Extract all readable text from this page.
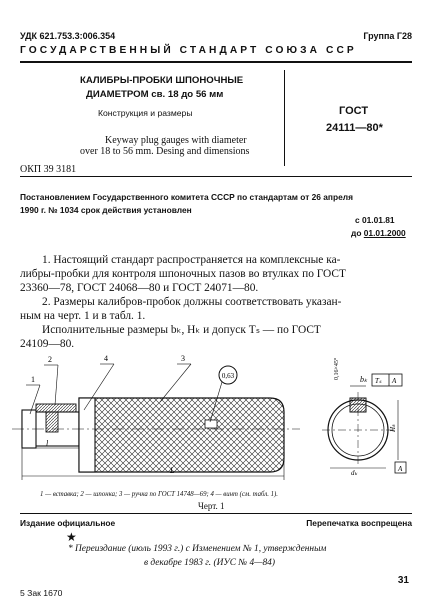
УДК 621.753.3:006.354	Группа Г28
ГОСУДАРСТВЕННЫЙ СТАНДАРТ СОЮЗА ССР
КАЛИБРЫ-ПРОБКИ ШПОНОЧНЫЕ
ДИАМЕТРОМ св. 18 до 56 мм
Конструкция и размеры
Keyway plug gauges with diameter
over 18 to 56 mm. Desing and dimensions
ГОСТ
24111—80*
ОКП 39 3181
Постановлением Государственного комитета СССР по стандартам от 26 апреля
1990 г. № 1034 срок действия установлен
с 01.01.81
до 01.01.2000
1. Настоящий стандарт распространяется на комплексные ка-
либры-пробки для контроля шпоночных пазов во втулках по ГОСТ
23360—78, ГОСТ 24068—80 и ГОСТ 24071—80.
2. Размеры калибров-пробок должны соответствовать указан-
ным на черт. 1 и в табл. 1.
Исполнительные размеры bₖ, Hₖ и допуск Tₛ — по ГОСТ
24109—80.
0,63
1
2	4	3
l
L
0,16×45°	bₖ Tₛ A
Hₖ
dₖ	A
1 — вставка; 2 — шпонка; 3 — ручка по ГОСТ 14748—69; 4 — винт (см. табл. 1).
Черт. 1
Издание официальное	Перепечатка воспрещена
★
* Переиздание (июль 1993 г.) с Изменением № 1, утвержденным
в декабре 1983 г. (ИУС № 4—84)
31
5 Зак 1670
